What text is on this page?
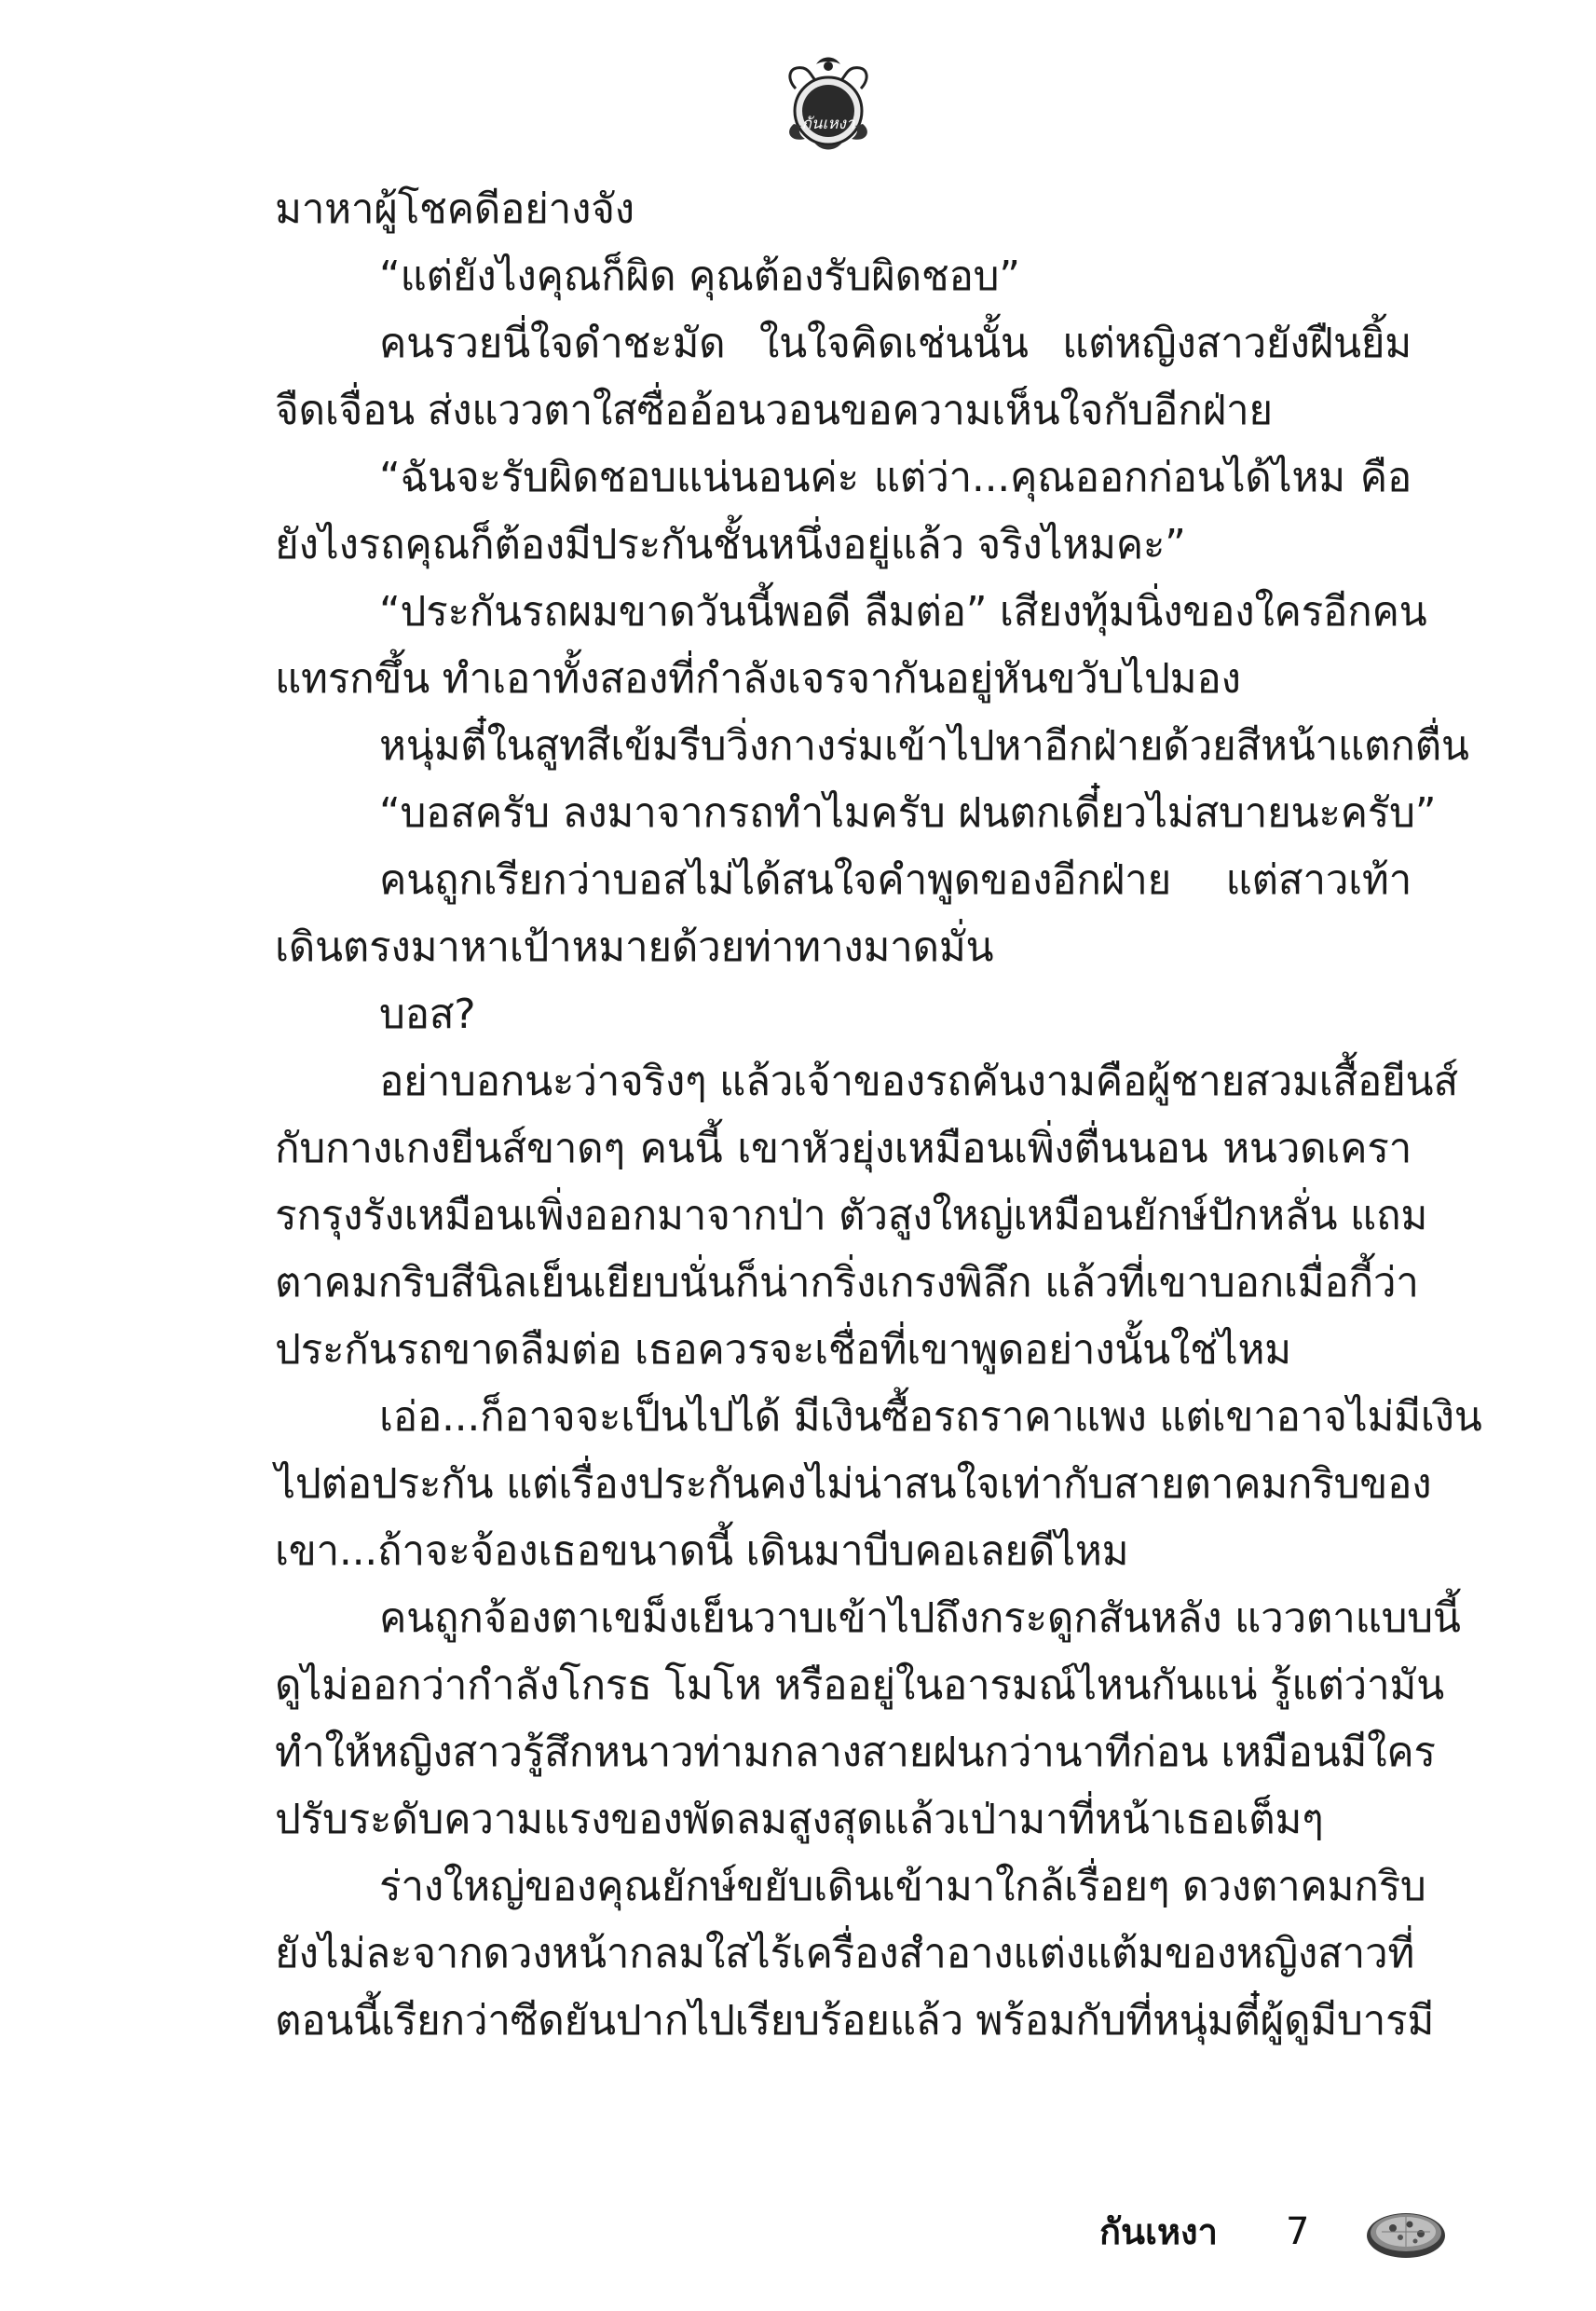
กันเหงา
มาหาผู้โชคดีอย่างจัง
“แต่ยังไงคุณก็ผิด คุณต้องรับผิดชอบ”
คนรวยนี่ใจดำชะมัด ในใจคิดเช่นนั้น แต่หญิงสาวยังฝืนยิ้ม
จืดเจื่อน ส่งแววตาใสซื่ออ้อนวอนขอความเห็นใจกับอีกฝ่าย
“ฉันจะรับผิดชอบแน่นอนค่ะ แต่ว่า...คุณออกก่อนได้ไหม คือ
ยังไงรถคุณก็ต้องมีประกันชั้นหนึ่งอยู่แล้ว จริงไหมคะ”
“ประกันรถผมขาดวันนี้พอดี ลืมต่อ” เสียงทุ้มนิ่งของใครอีกคน
แทรกขึ้น ทำเอาทั้งสองที่กำลังเจรจากันอยู่หันขวับไปมอง
หนุ่มตี๋ในสูทสีเข้มรีบวิ่งกางร่มเข้าไปหาอีกฝ่ายด้วยสีหน้าแตกตื่น
“บอสครับ ลงมาจากรถทำไมครับ ฝนตกเดี๋ยวไม่สบายนะครับ”
คนถูกเรียกว่าบอสไม่ได้สนใจคำพูดของอีกฝ่าย แต่สาวเท้า
เดินตรงมาหาเป้าหมายด้วยท่าทางมาดมั่น
บอส?
อย่าบอกนะว่าจริงๆ แล้วเจ้าของรถคันงามคือผู้ชายสวมเสื้อยีนส์
กับกางเกงยีนส์ขาดๆ คนนี้ เขาหัวยุ่งเหมือนเพิ่งตื่นนอน หนวดเครา
รกรุงรังเหมือนเพิ่งออกมาจากป่า ตัวสูงใหญ่เหมือนยักษ์ปักหลั่น แถม
ตาคมกริบสีนิลเย็นเยียบนั่นก็น่ากริ่งเกรงพิลึก แล้วที่เขาบอกเมื่อกี้ว่า
ประกันรถขาดลืมต่อ เธอควรจะเชื่อที่เขาพูดอย่างนั้นใช่ไหม
เอ่อ...ก็อาจจะเป็นไปได้ มีเงินซื้อรถราคาแพง แต่เขาอาจไม่มีเงิน
ไปต่อประกัน แต่เรื่องประกันคงไม่น่าสนใจเท่ากับสายตาคมกริบของ
เขา...ถ้าจะจ้องเธอขนาดนี้ เดินมาบีบคอเลยดีไหม
คนถูกจ้องตาเขม็งเย็นวาบเข้าไปถึงกระดูกสันหลัง แววตาแบบนี้
ดูไม่ออกว่ากำลังโกรธ โมโห หรืออยู่ในอารมณ์ไหนกันแน่ รู้แต่ว่ามัน
ทำให้หญิงสาวรู้สึกหนาวท่ามกลางสายฝนกว่านาทีก่อน เหมือนมีใคร
ปรับระดับความแรงของพัดลมสูงสุดแล้วเป่ามาที่หน้าเธอเต็มๆ
ร่างใหญ่ของคุณยักษ์ขยับเดินเข้ามาใกล้เรื่อยๆ ดวงตาคมกริบ
ยังไม่ละจากดวงหน้ากลมใสไร้เครื่องสำอางแต่งแต้มของหญิงสาวที่
ตอนนี้เรียกว่าซีดยันปากไปเรียบร้อยแล้ว พร้อมกับที่หนุ่มตี๋ผู้ดูมีบารมี
กันเหงา 7
